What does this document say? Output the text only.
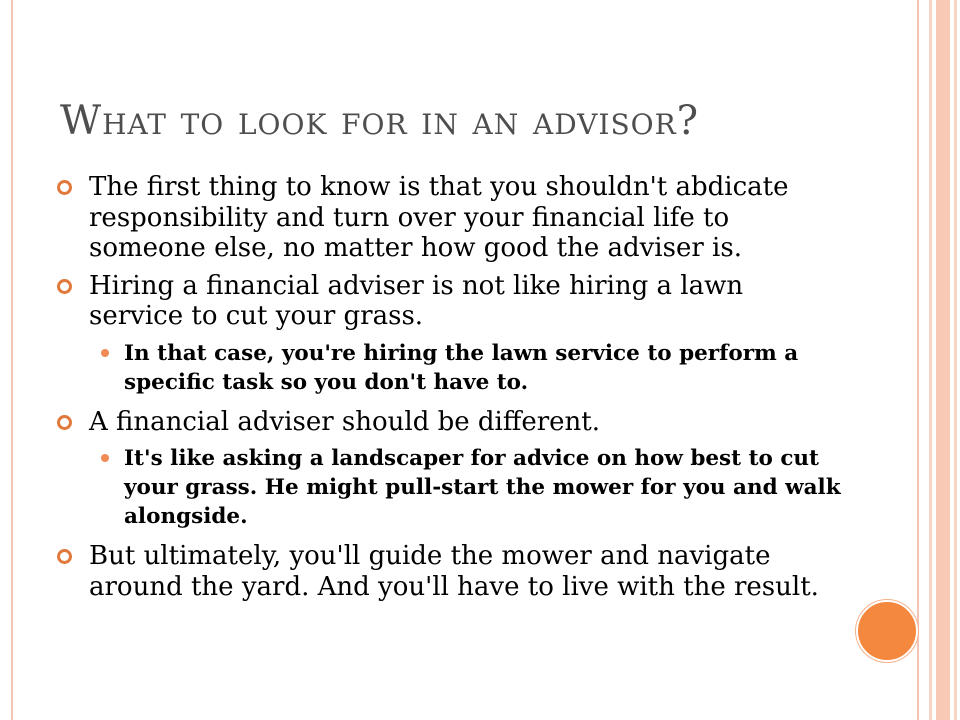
What to look for in an advisor?
The first thing to know is that you shouldn't abdicate responsibility and turn over your financial life to someone else, no matter how good the adviser is.
Hiring a financial adviser is not like hiring a lawn service to cut your grass.
In that case, you're hiring the lawn service to perform a specific task so you don't have to.
A financial adviser should be different.
It's like asking a landscaper for advice on how best to cut your grass. He might pull-start the mower for you and walk alongside.
But ultimately, you'll guide the mower and navigate around the yard. And you'll have to live with the result.
